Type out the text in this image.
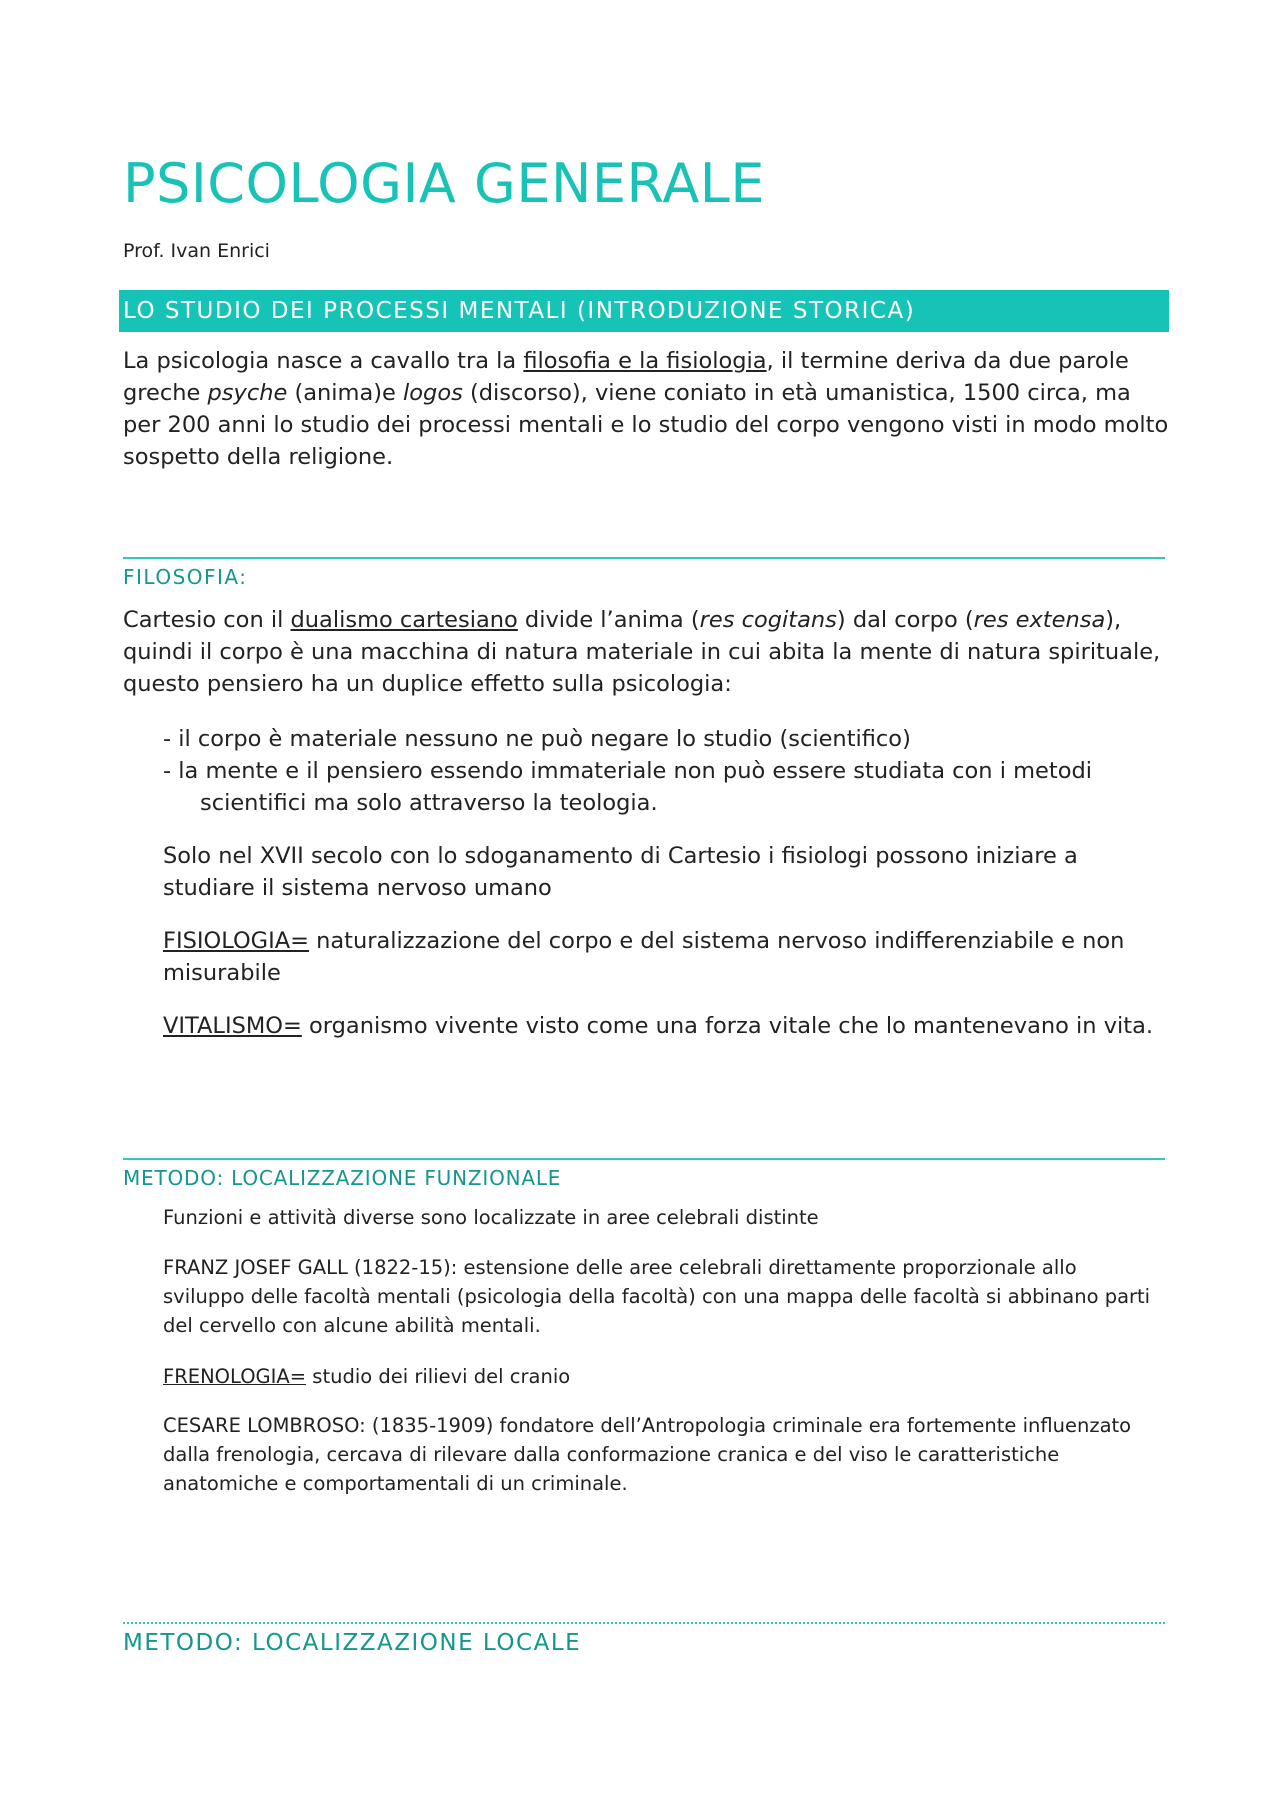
PSICOLOGIA GENERALE
Prof. Ivan Enrici
LO STUDIO DEI PROCESSI MENTALI (INTRODUZIONE STORICA)

La psicologia nasce a cavallo tra la filosofia e la fisiologia, il termine deriva da due parole greche psyche (anima)e logos (discorso), viene coniato in età umanistica, 1500 circa, ma per 200 anni lo studio dei processi mentali e lo studio del corpo vengono visti in modo molto sospetto della religione.

FILOSOFIA:

Cartesio con il dualismo cartesiano divide l’anima (res cogitans) dal corpo (res extensa), quindi il corpo è una macchina di natura materiale in cui abita la mente di natura spirituale, questo pensiero ha un duplice effetto sulla psicologia:

- il corpo è materiale nessuno ne può negare lo studio (scientifico)
- la mente e il pensiero essendo immateriale non può essere studiata con i metodi
scientifici ma solo attraverso la teologia.

Solo nel XVII secolo con lo sdoganamento di Cartesio i fisiologi possono iniziare a studiare il sistema nervoso umano

FISIOLOGIA= naturalizzazione del corpo e del sistema nervoso indifferenziabile e non misurabile

VITALISMO= organismo vivente visto come una forza vitale che lo mantenevano in vita.

METODO: LOCALIZZAZIONE FUNZIONALE

Funzioni e attività diverse sono localizzate in aree celebrali distinte

FRANZ JOSEF GALL (1822-15): estensione delle aree celebrali direttamente proporzionale allo sviluppo delle facoltà mentali (psicologia della facoltà) con una mappa delle facoltà si abbinano parti del cervello con alcune abilità mentali.

FRENOLOGIA= studio dei rilievi del cranio

CESARE LOMBROSO: (1835-1909) fondatore dell’Antropologia criminale era fortemente influenzato dalla frenologia, cercava di rilevare dalla conformazione cranica e del viso le caratteristiche anatomiche e comportamentali di un criminale.

METODO: LOCALIZZAZIONE LOCALE
